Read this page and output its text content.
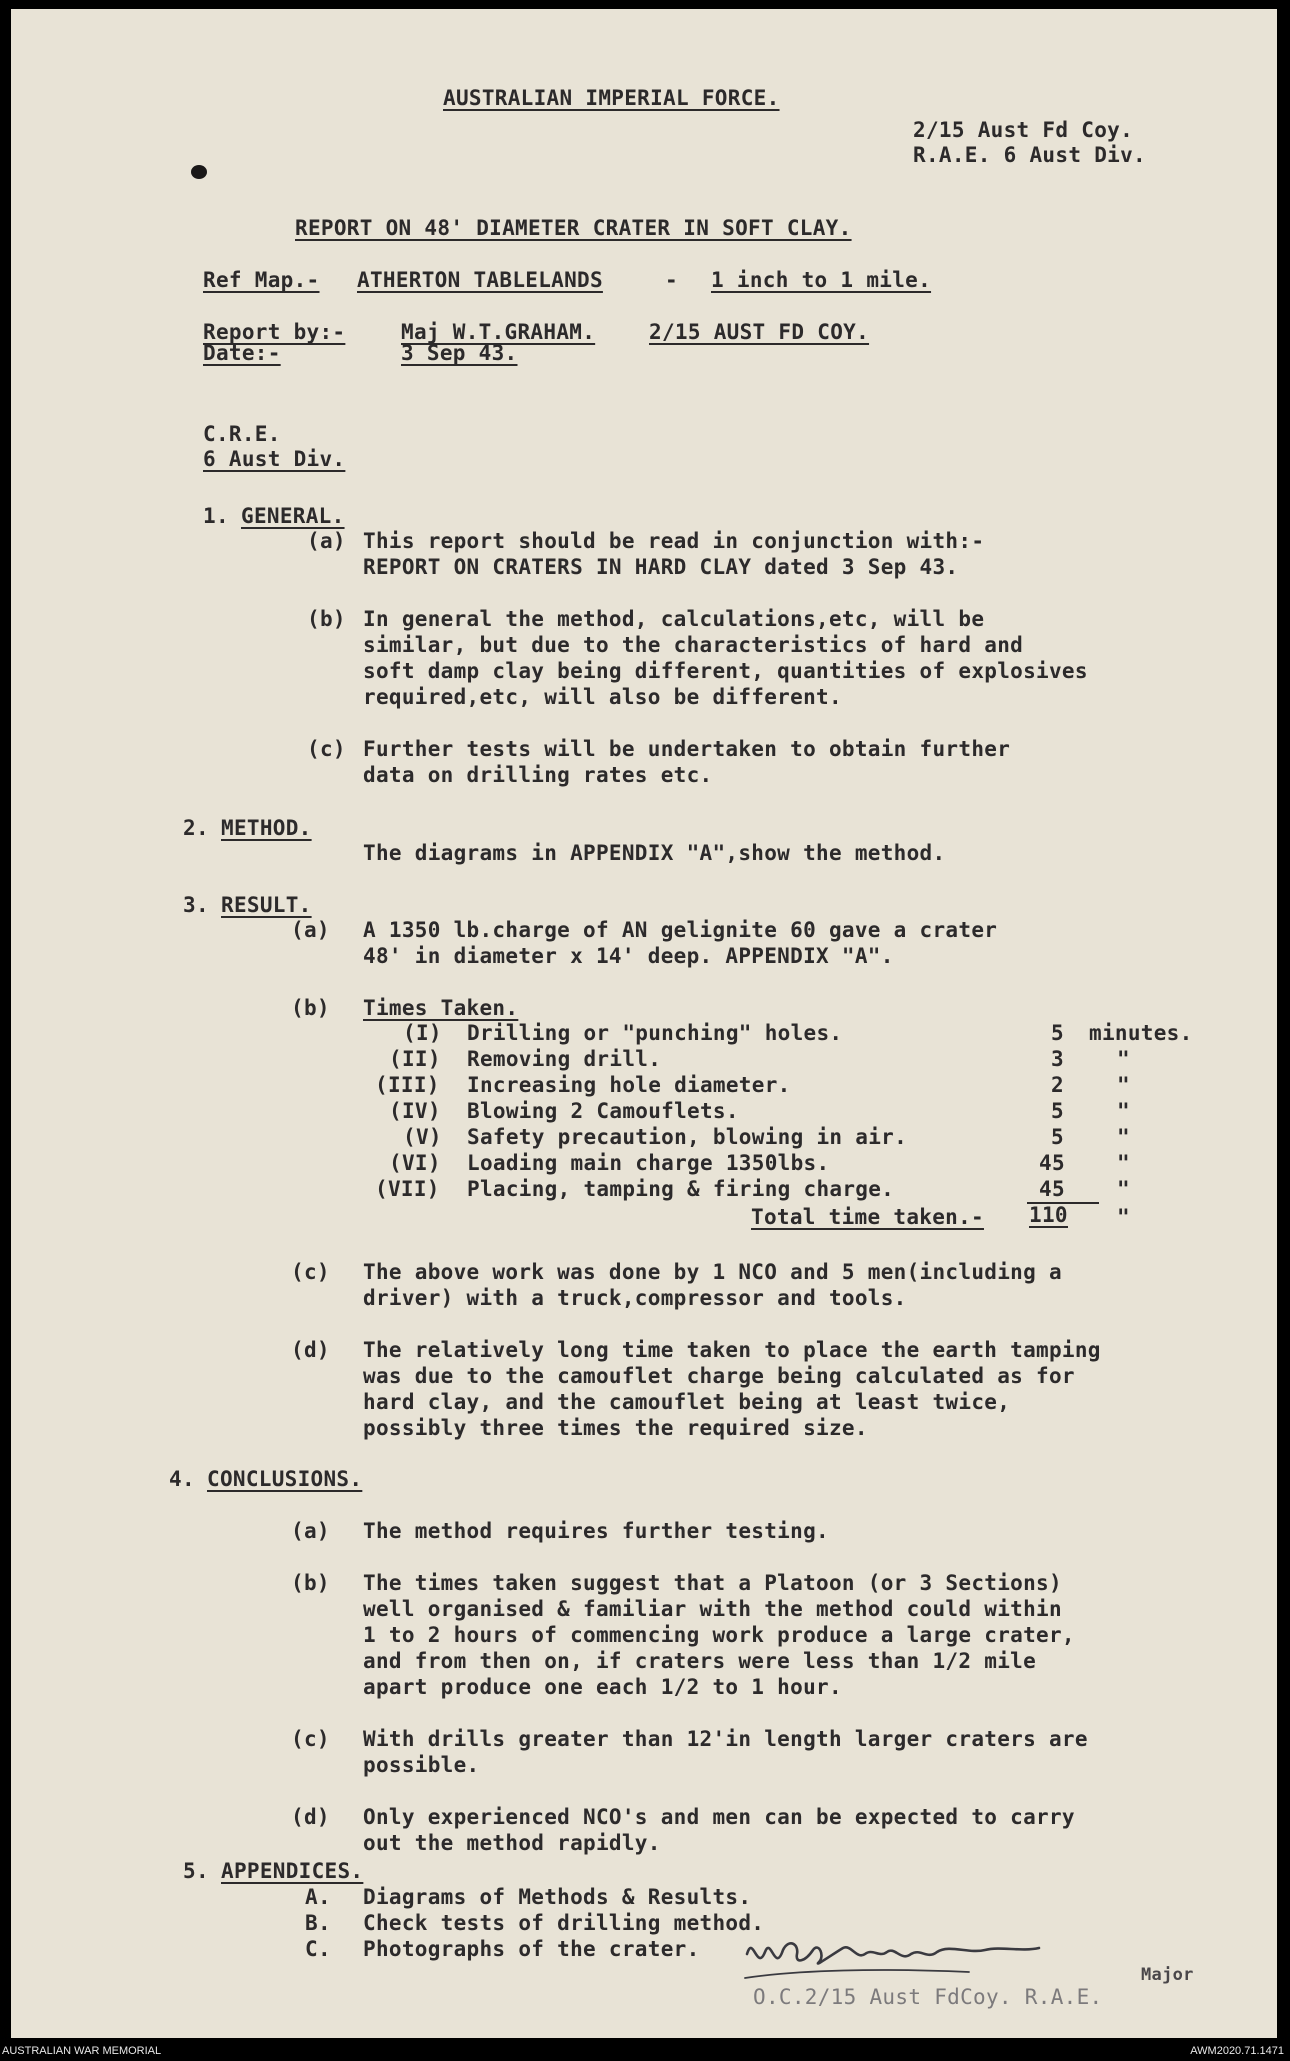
AUSTRALIAN IMPERIAL FORCE.
2/15 Aust Fd Coy.
R.A.E. 6 Aust Div.
REPORT ON 48' DIAMETER CRATER IN SOFT CLAY.
Ref Map.- ATHERTON TABLELANDS	- 1 inch to 1 mile.
Report by:-	Maj W.T.GRAHAM.	2/15 AUST FD COY.
Date:-	3 Sep 43.
C.R.E.
6 Aust Div.
1. GENERAL.
(a) This report should be read in conjunction with:-
REPORT ON CRATERS IN HARD CLAY dated 3 Sep 43.
(b) In general the method, calculations,etc, will be
similar, but due to the characteristics of hard and
soft damp clay being different, quantities of explosives
required,etc, will also be different.
(c) Further tests will be undertaken to obtain further
data on drilling rates etc.
2. METHOD.
The diagrams in APPENDIX "A",show the method.
3. RESULT.
(a) A 1350 lb.charge of AN gelignite 60 gave a crater
48' in diameter x 14' deep. APPENDIX "A".
(b) Times Taken.
(I) Drilling or "punching" holes.	5 minutes.
(II) Removing drill.	3	"
(III) Increasing hole diameter.	2	"
(IV) Blowing 2 Camouflets.	5	"
(V) Safety precaution, blowing in air.	5	"
(VI) Loading main charge 1350lbs.	45 "
(VII) Placing, tamping & firing charge.	45 "
Total time taken.- 110 "
(c) The above work was done by 1 NCO and 5 men(including a
driver) with a truck,compressor and tools.
(d) The relatively long time taken to place the earth tamping
was due to the camouflet charge being calculated as for
hard clay, and the camouflet being at least twice,
possibly three times the required size.
4. CONCLUSIONS.
(a) The method requires further testing.
(b) The times taken suggest that a Platoon (or 3 Sections)
well organised & familiar with the method could within
1 to 2 hours of commencing work produce a large crater,
and from then on, if craters were less than 1/2 mile
apart produce one each 1/2 to 1 hour.
(c) With drills greater than 12'in length larger craters are
possible.
(d) Only experienced NCO's and men can be expected to carry
out the method rapidly.
5. APPENDICES.
A. Diagrams of Methods & Results.
B. Check tests of drilling method.
C. Photographs of the crater.
Major
O.C.2/15 Aust FdCoy. R.A.E.
AUSTRALIAN WAR MEMORIAL	AWM2020.71.1471
